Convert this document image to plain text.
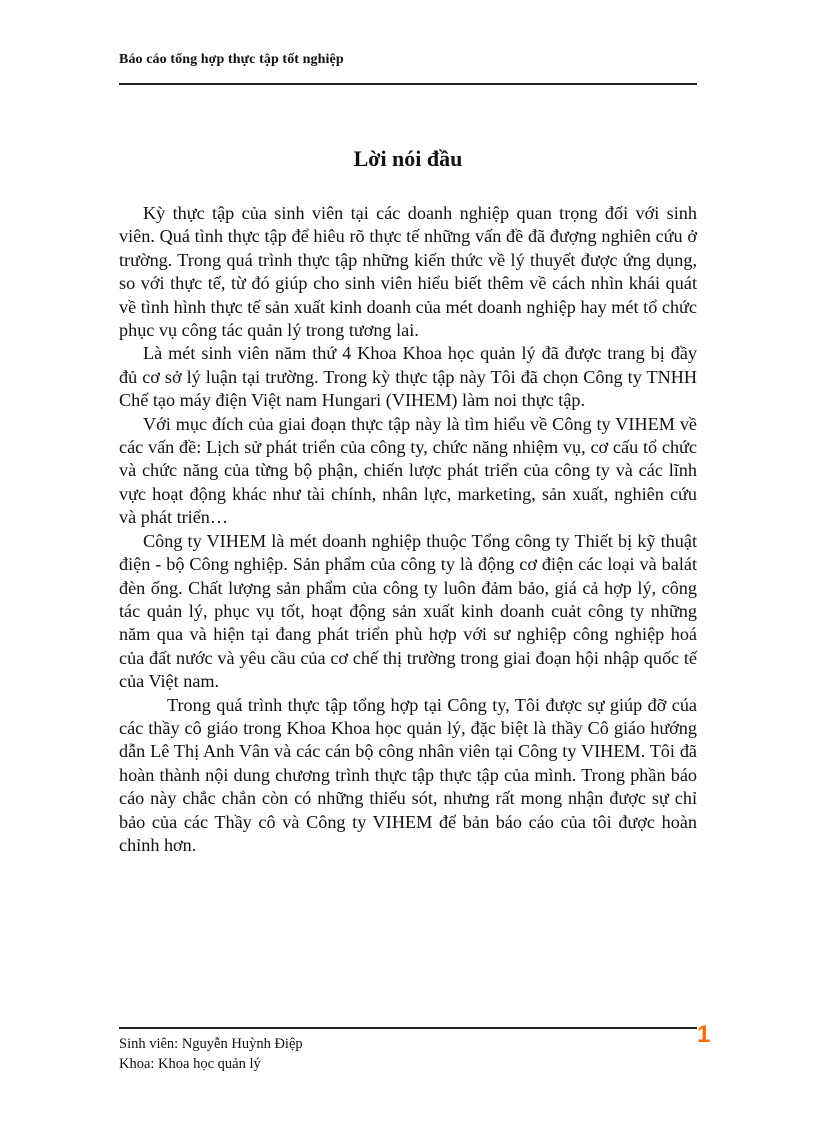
Báo cáo tổng hợp thực tập tốt nghiệp
Lời nói đầu

Kỳ thực tập của sinh viên tại các doanh nghiệp quan trọng đối với sinh viên. Quá tình thực tập để hiêu rõ thực tế những vấn đề đã đượng nghiên cứu ở trường. Trong quá trình thực tập những kiến thức về lý thuyết được ứng dụng, so với thực tế, từ đó giúp cho sinh viên hiểu biết thêm về cách nhìn khái quát về tình hình thực tế sản xuất kinh doanh của mét doanh nghiệp hay mét tổ chức phục vụ công tác quản lý trong tương lai.

Là mét sinh viên năm thứ 4 Khoa Khoa học quản lý đã được trang bị đầy đủ cơ sở lý luận tại trường. Trong kỳ thực tập này Tôi đã chọn Công ty TNHH Chế tạo máy điện Việt nam Hungari (VIHEM) làm noi thực tập.

Với mục đích của giai đoạn thực tập này là tìm hiểu về Công ty VIHEM về các vấn đề: Lịch sử phát triển của công ty, chức năng nhiệm vụ, cơ cấu tổ chức và chức năng của từng bộ phận, chiến lược phát triển của công ty và các lĩnh vực hoạt động khác như tài chính, nhân lực, marketing, sản xuất, nghiên cứu và phát triển…

Công ty VIHEM là mét doanh nghiệp thuộc Tổng công ty Thiết bị kỹ thuật điện - bộ Công nghiệp. Sản phẩm của công ty là động cơ điện các loại và balát đèn ống. Chất lượng sản phẩm của công ty luôn đảm bảo, giá cả hợp lý, công tác quản lý, phục vụ tốt, hoạt động sản xuất kinh doanh cuảt công ty những năm qua và hiện tại đang phát triển phù hợp với sư nghiệp công nghiệp hoá của đất nước và yêu cầu của cơ chế thị trường trong giai đoạn hội nhập quốc tế của Việt nam.

Trong quá trình thực tập tổng hợp tại Công ty, Tôi được sự giúp đỡ cúa các thầy cô giáo trong Khoa Khoa học quản lý, đặc biệt là thầy Cô giáo hướng dẫn Lê Thị Anh Vân và các cán bộ công nhân viên tại Công ty VIHEM. Tôi đã hoàn thành nội dung chương trình thực tập thực tập của mình. Trong phần báo cáo này chắc chắn còn có những thiếu sót, nhưng rất mong nhận được sự chỉ bảo của các Thầy cô và Công ty VIHEM để bản báo cáo của tôi được hoàn chỉnh hơn.

1
Sinh viên: Nguyễn Huỳnh Điệp
Khoa: Khoa học quản lý
